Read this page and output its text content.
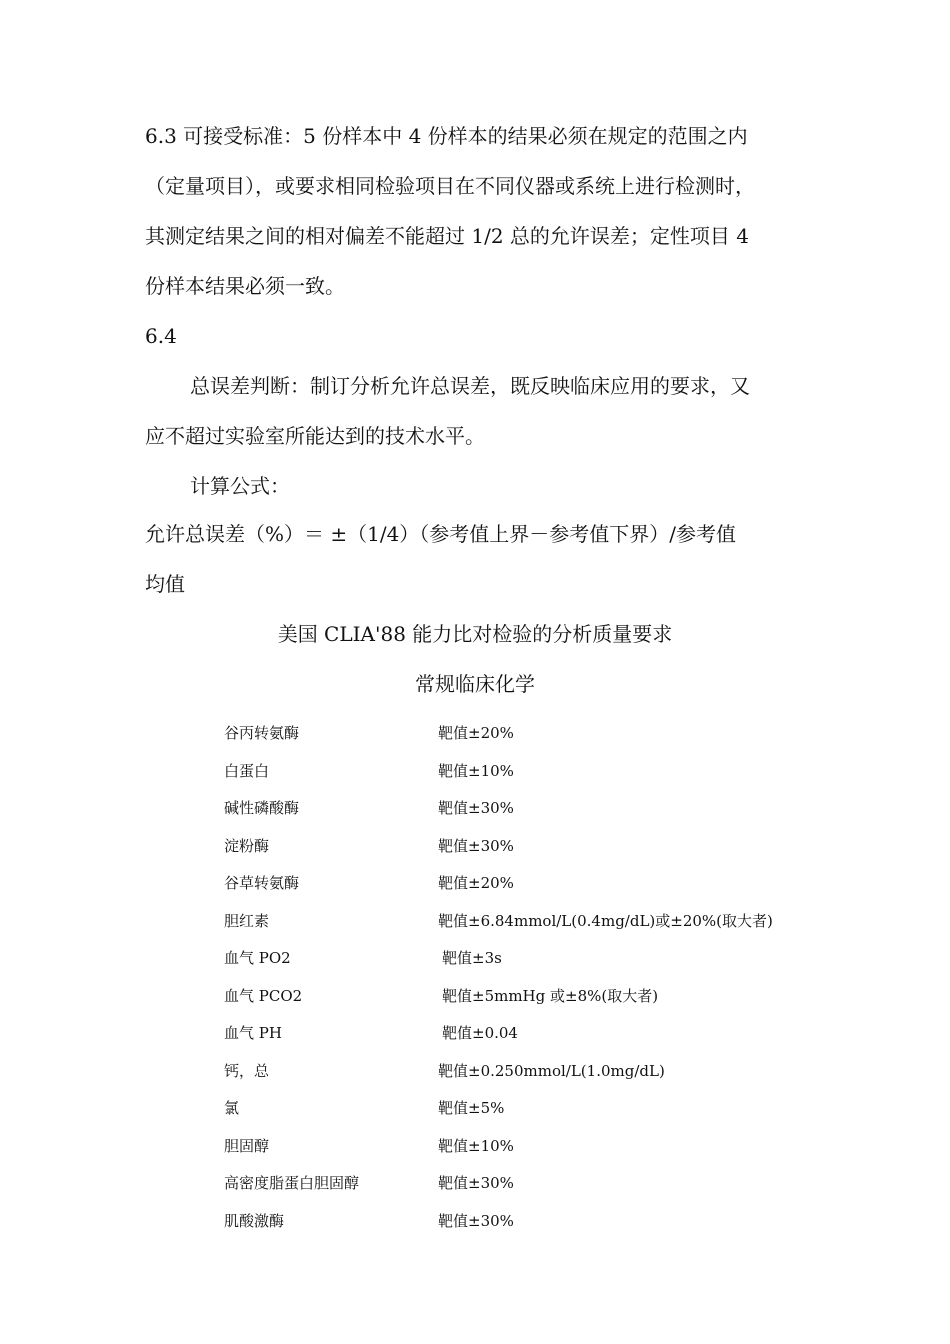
6.3 可接受标准：5 份样本中 4 份样本的结果必须在规定的范围之内
（定量项目），或要求相同检验项目在不同仪器或系统上进行检测时，
其测定结果之间的相对偏差不能超过 1/2 总的允许误差；定性项目 4
份样本结果必须一致。
6.4
总误差判断：制订分析允许总误差，既反映临床应用的要求，又
应不超过实验室所能达到的技术水平。
计算公式：
允许总误差（%）＝ ±（1/4）（参考值上界－参考值下界）/参考值
均值
美国 CLIA'88 能力比对检验的分析质量要求
常规临床化学
谷丙转氨酶	靶值±20%
白蛋白	靶值±10%
碱性磷酸酶	靶值±30%
淀粉酶	靶值±30%
谷草转氨酶	靶值±20%
胆红素	靶值±6.84mmol/L(0.4mg/dL)或±20%(取大者)
血气 PO2	靶值±3s
血气 PCO2	靶值±5mmHg 或±8%(取大者)
血气 PH	靶值±0.04
钙，总	靶值±0.250mmol/L(1.0mg/dL)
氯	靶值±5%
胆固醇	靶值±10%
高密度脂蛋白胆固醇	靶值±30%
肌酸激酶	靶值±30%
